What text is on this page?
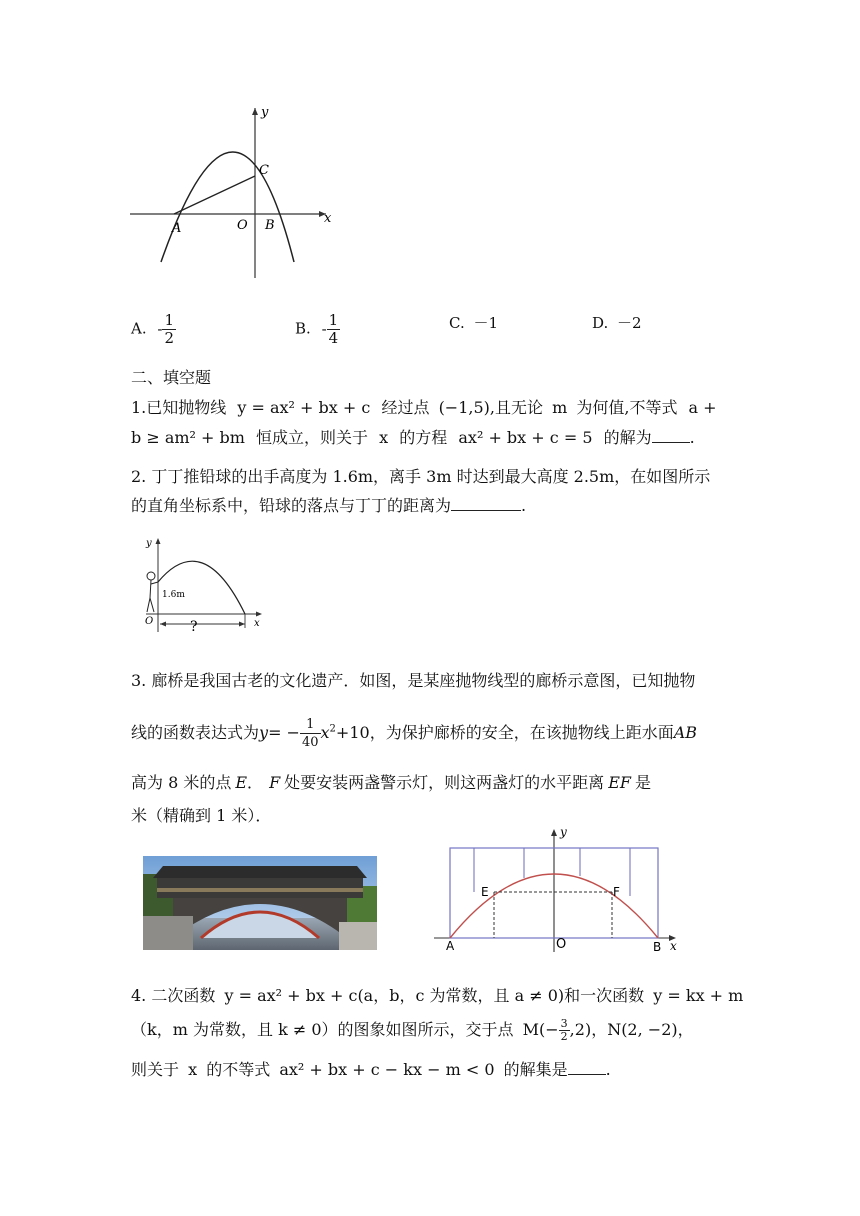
y
x
A	O B
C
A. - $\frac{1}{2}$	B. - $\frac{1}{4}$	C. －1	D. －2
二、填空题
1.已知抛物线 y = ax² + bx + c 经过点 (−1,5),且无论 m 为何值,不等式 a +
b ≥ am² + bm 恒成立，则关于 x 的方程 ax² + bx + c = 5 的解为 .
2. 丁丁推铅球的出手高度为 1.6m，离手 3m 时达到最大高度 2.5m，在如图所示
的直角坐标系中，铅球的落点与丁丁的距离为	.
y
x
O
1.6m
?
3. 廊桥是我国古老的文化遗产．如图，是某座抛物线型的廊桥示意图，已知抛物
线的函数表达式为$y= - \frac{1}{40} x^2+10$，为保护廊桥的安全，在该抛物线上距水面AB
高为 8 米的点 E． F 处要安装两盏警示灯，则这两盏灯的水平距离 EF 是
米（精确到 1 米）．
y
x
O
A	B
E	F
4. 二次函数 y = ax² + bx + c(a，b，c 为常数，且 a ≠ 0)和一次函数 y = kx + m
（k，m 为常数，且 k ≠ 0）的图象如图所示，交于点 $M(- \frac{3}{2} ,2)$，N(2, −2)，
则关于 x 的不等式 ax² + bx + c − kx − m < 0 的解集是 .
